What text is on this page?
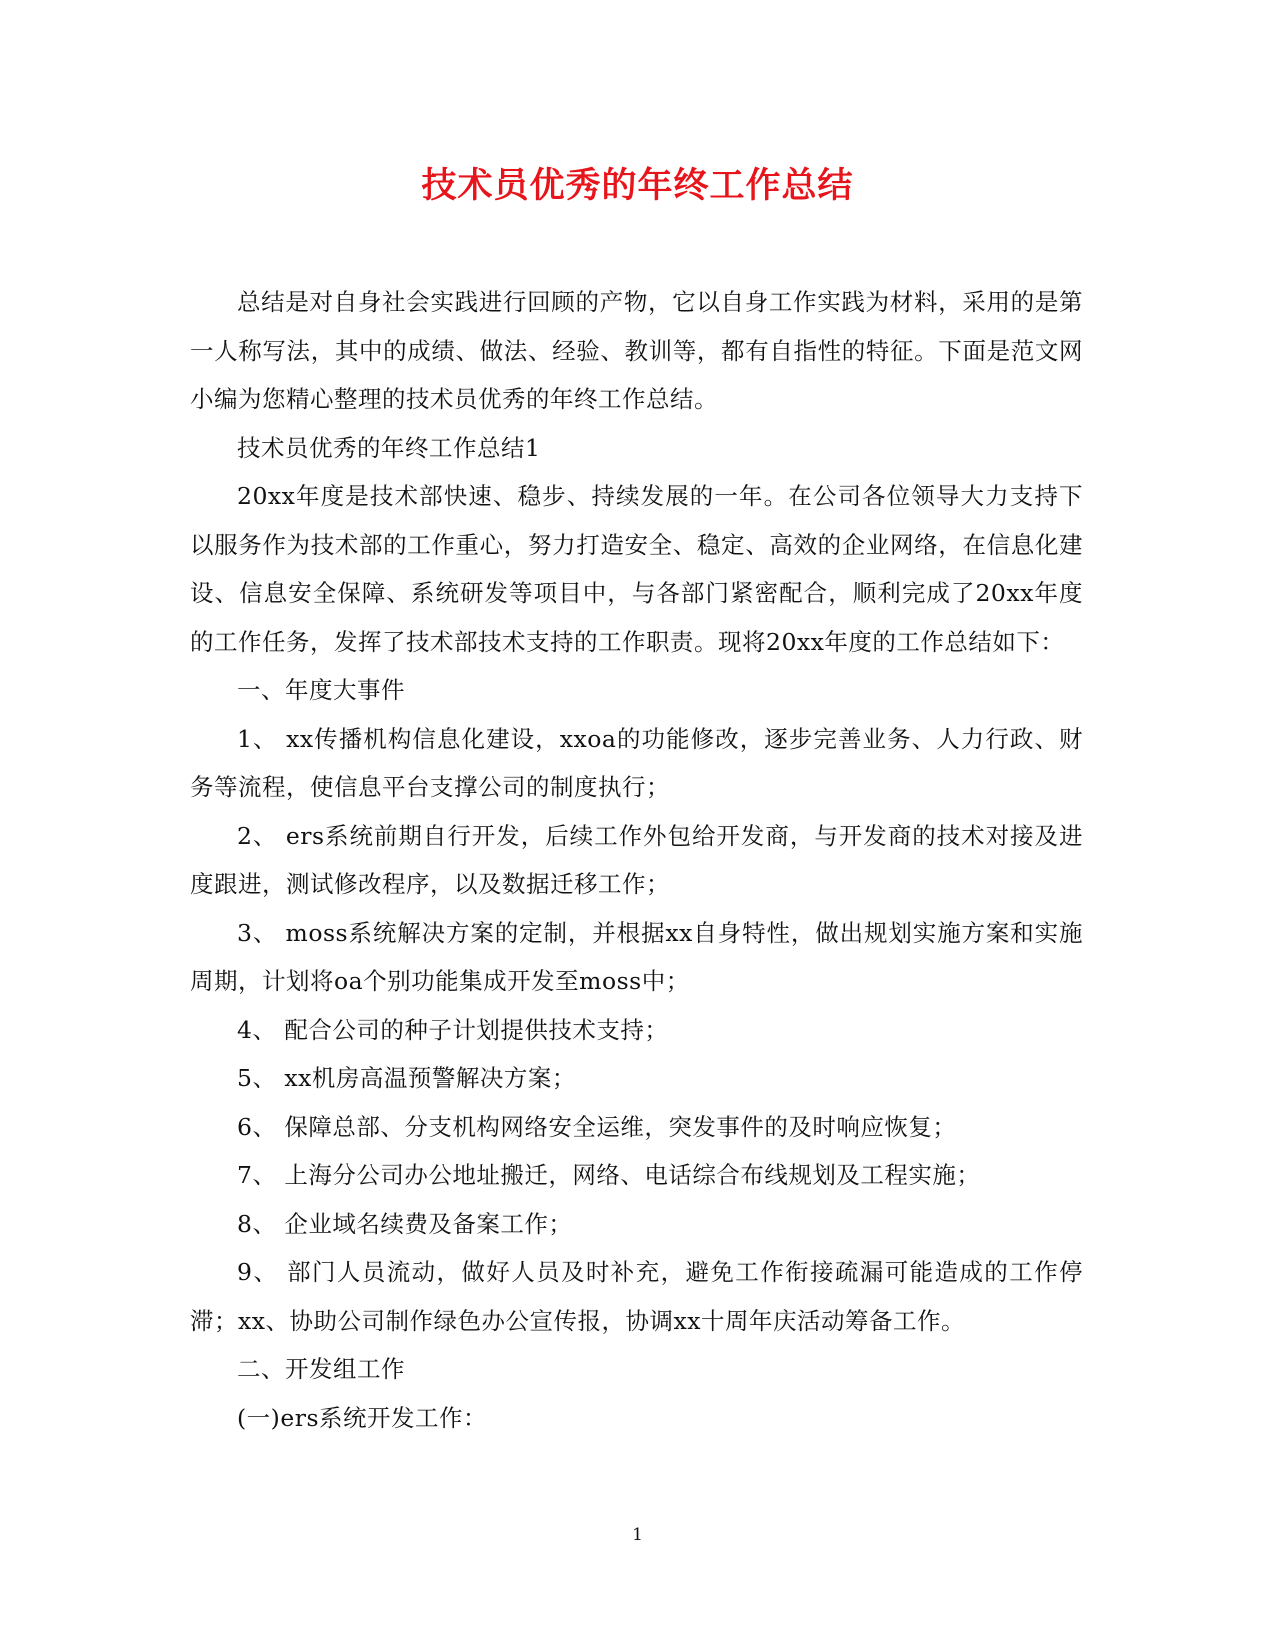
技术员优秀的年终工作总结

总结是对自身社会实践进行回顾的产物，它以自身工作实践为材料，采用的是第一人称写法，其中的成绩、做法、经验、教训等，都有自指性的特征。下面是范文网小编为您精心整理的技术员优秀的年终工作总结。

技术员优秀的年终工作总结1

20xx年度是技术部快速、稳步、持续发展的一年。在公司各位领导大力支持下以服务作为技术部的工作重心，努力打造安全、稳定、高效的企业网络，在信息化建设、信息安全保障、系统研发等项目中，与各部门紧密配合，顺利完成了20xx年度的工作任务，发挥了技术部技术支持的工作职责。现将20xx年度的工作总结如下：

一、年度大事件

1、 xx传播机构信息化建设，xxoa的功能修改，逐步完善业务、人力行政、财务等流程，使信息平台支撑公司的制度执行；

2、 ers系统前期自行开发，后续工作外包给开发商，与开发商的技术对接及进度跟进，测试修改程序，以及数据迁移工作；

3、 moss系统解决方案的定制，并根据xx自身特性，做出规划实施方案和实施周期，计划将oa个别功能集成开发至moss中；

4、 配合公司的种子计划提供技术支持；

5、 xx机房高温预警解决方案；

6、 保障总部、分支机构网络安全运维，突发事件的及时响应恢复；

7、 上海分公司办公地址搬迁，网络、电话综合布线规划及工程实施；

8、 企业域名续费及备案工作；

9、 部门人员流动，做好人员及时补充，避免工作衔接疏漏可能造成的工作停滞；xx、协助公司制作绿色办公宣传报，协调xx十周年庆活动筹备工作。

二、开发组工作

(一)ers系统开发工作：

1
